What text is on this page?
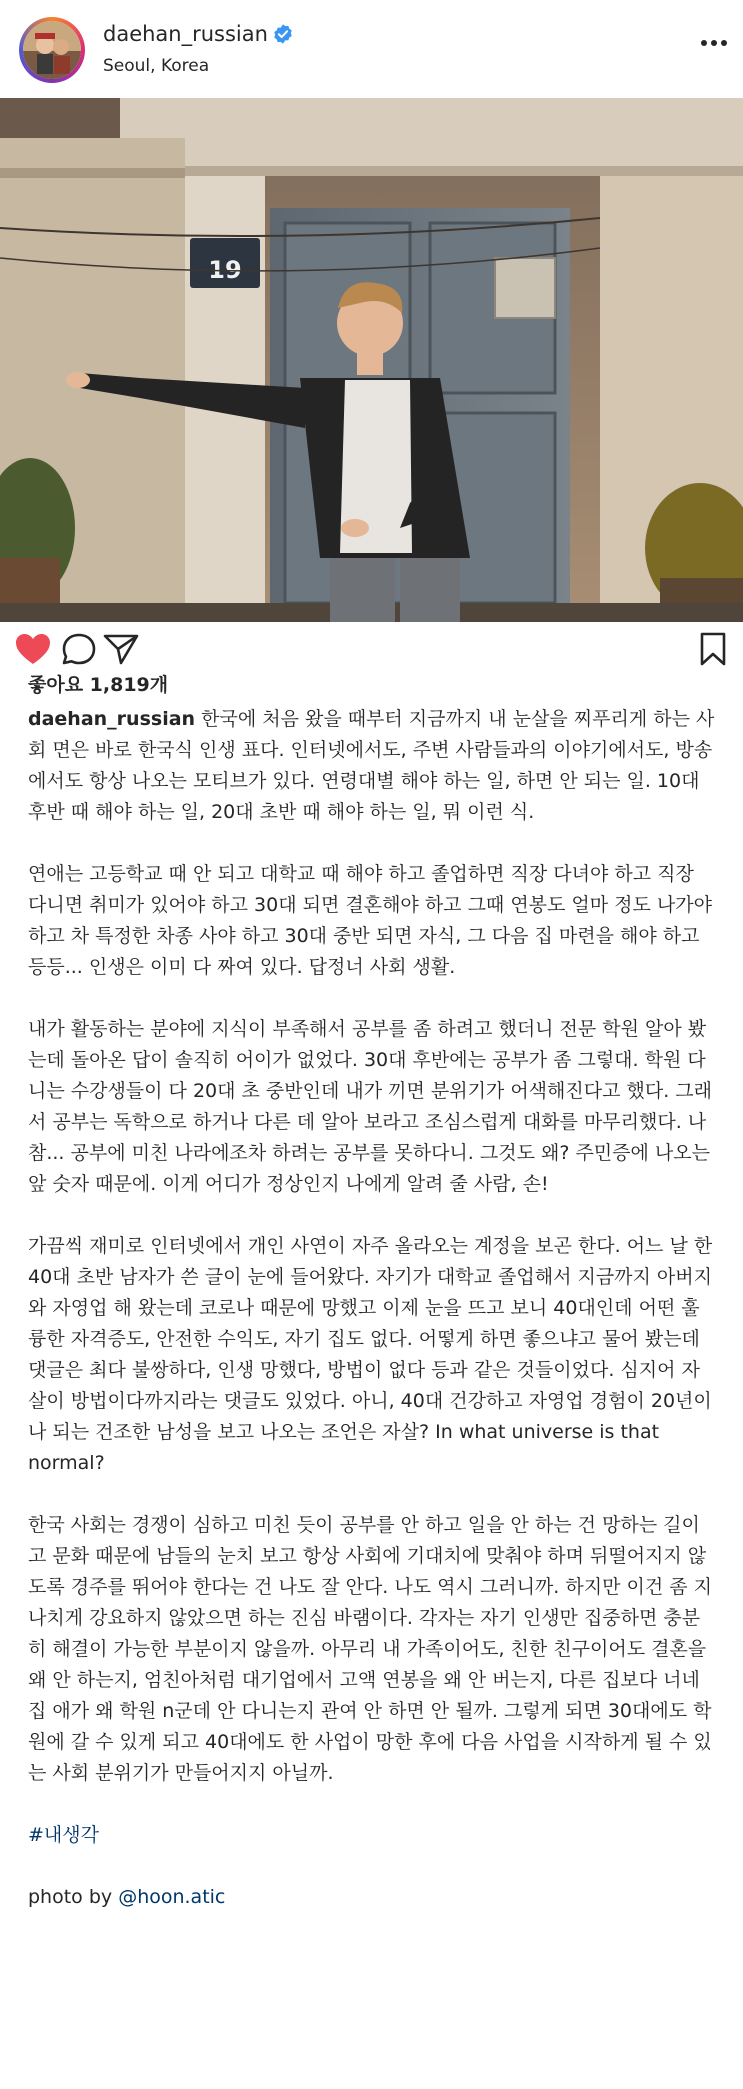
daehan_russian
Seoul, Korea
19
좋아요 1,819개

daehan_russian 한국에 처음 왔을 때부터 지금까지 내 눈살을 찌푸리게 하는 사회 면은 바로 한국식 인생 표다. 인터넷에서도, 주변 사람들과의 이야기에서도, 방송에서도 항상 나오는 모티브가 있다. 연령대별 해야 하는 일, 하면 안 되는 일. 10대 후반 때 해야 하는 일, 20대 초반 때 해야 하는 일, 뭐 이런 식.

연애는 고등학교 때 안 되고 대학교 때 해야 하고 졸업하면 직장 다녀야 하고 직장 다니면 취미가 있어야 하고 30대 되면 결혼해야 하고 그때 연봉도 얼마 정도 나가야 하고 차 특정한 차종 사야 하고 30대 중반 되면 자식, 그 다음 집 마련을 해야 하고 등등... 인생은 이미 다 짜여 있다. 답정너 사회 생활.

내가 활동하는 분야에 지식이 부족해서 공부를 좀 하려고 했더니 전문 학원 알아 봤는데 돌아온 답이 솔직히 어이가 없었다. 30대 후반에는 공부가 좀 그렇대. 학원 다니는 수강생들이 다 20대 초 중반인데 내가 끼면 분위기가 어색해진다고 했다. 그래서 공부는 독학으로 하거나 다른 데 알아 보라고 조심스럽게 대화를 마무리했다. 나 참... 공부에 미친 나라에조차 하려는 공부를 못하다니. 그것도 왜? 주민증에 나오는 앞 숫자 때문에. 이게 어디가 정상인지 나에게 알려 줄 사람, 손!

가끔씩 재미로 인터넷에서 개인 사연이 자주 올라오는 계정을 보곤 한다. 어느 날 한 40대 초반 남자가 쓴 글이 눈에 들어왔다. 자기가 대학교 졸업해서 지금까지 아버지와 자영업 해 왔는데 코로나 때문에 망했고 이제 눈을 뜨고 보니 40대인데 어떤 훌륭한 자격증도, 안전한 수익도, 자기 집도 없다. 어떻게 하면 좋으냐고 물어 봤는데 댓글은 최다 불쌍하다, 인생 망했다, 방법이 없다 등과 같은 것들이었다. 심지어 자살이 방법이다까지라는 댓글도 있었다. 아니, 40대 건강하고 자영업 경험이 20년이나 되는 건조한 남성을 보고 나오는 조언은 자살? In what universe is that normal?

한국 사회는 경쟁이 심하고 미친 듯이 공부를 안 하고 일을 안 하는 건 망하는 길이고 문화 때문에 남들의 눈치 보고 항상 사회에 기대치에 맞춰야 하며 뒤떨어지지 않도록 경주를 뛰어야 한다는 건 나도 잘 안다. 나도 역시 그러니까. 하지만 이건 좀 지나치게 강요하지 않았으면 하는 진심 바램이다. 각자는 자기 인생만 집중하면 충분히 해결이 가능한 부분이지 않을까. 아무리 내 가족이어도, 친한 친구이어도 결혼을 왜 안 하는지, 엄친아처럼 대기업에서 고액 연봉을 왜 안 버는지, 다른 집보다 너네 집 애가 왜 학원 n군데 안 다니는지 관여 안 하면 안 될까. 그렇게 되면 30대에도 학원에 갈 수 있게 되고 40대에도 한 사업이 망한 후에 다음 사업을 시작하게 될 수 있는 사회 분위기가 만들어지지 아닐까.

#내생각

photo by @hoon.atic
